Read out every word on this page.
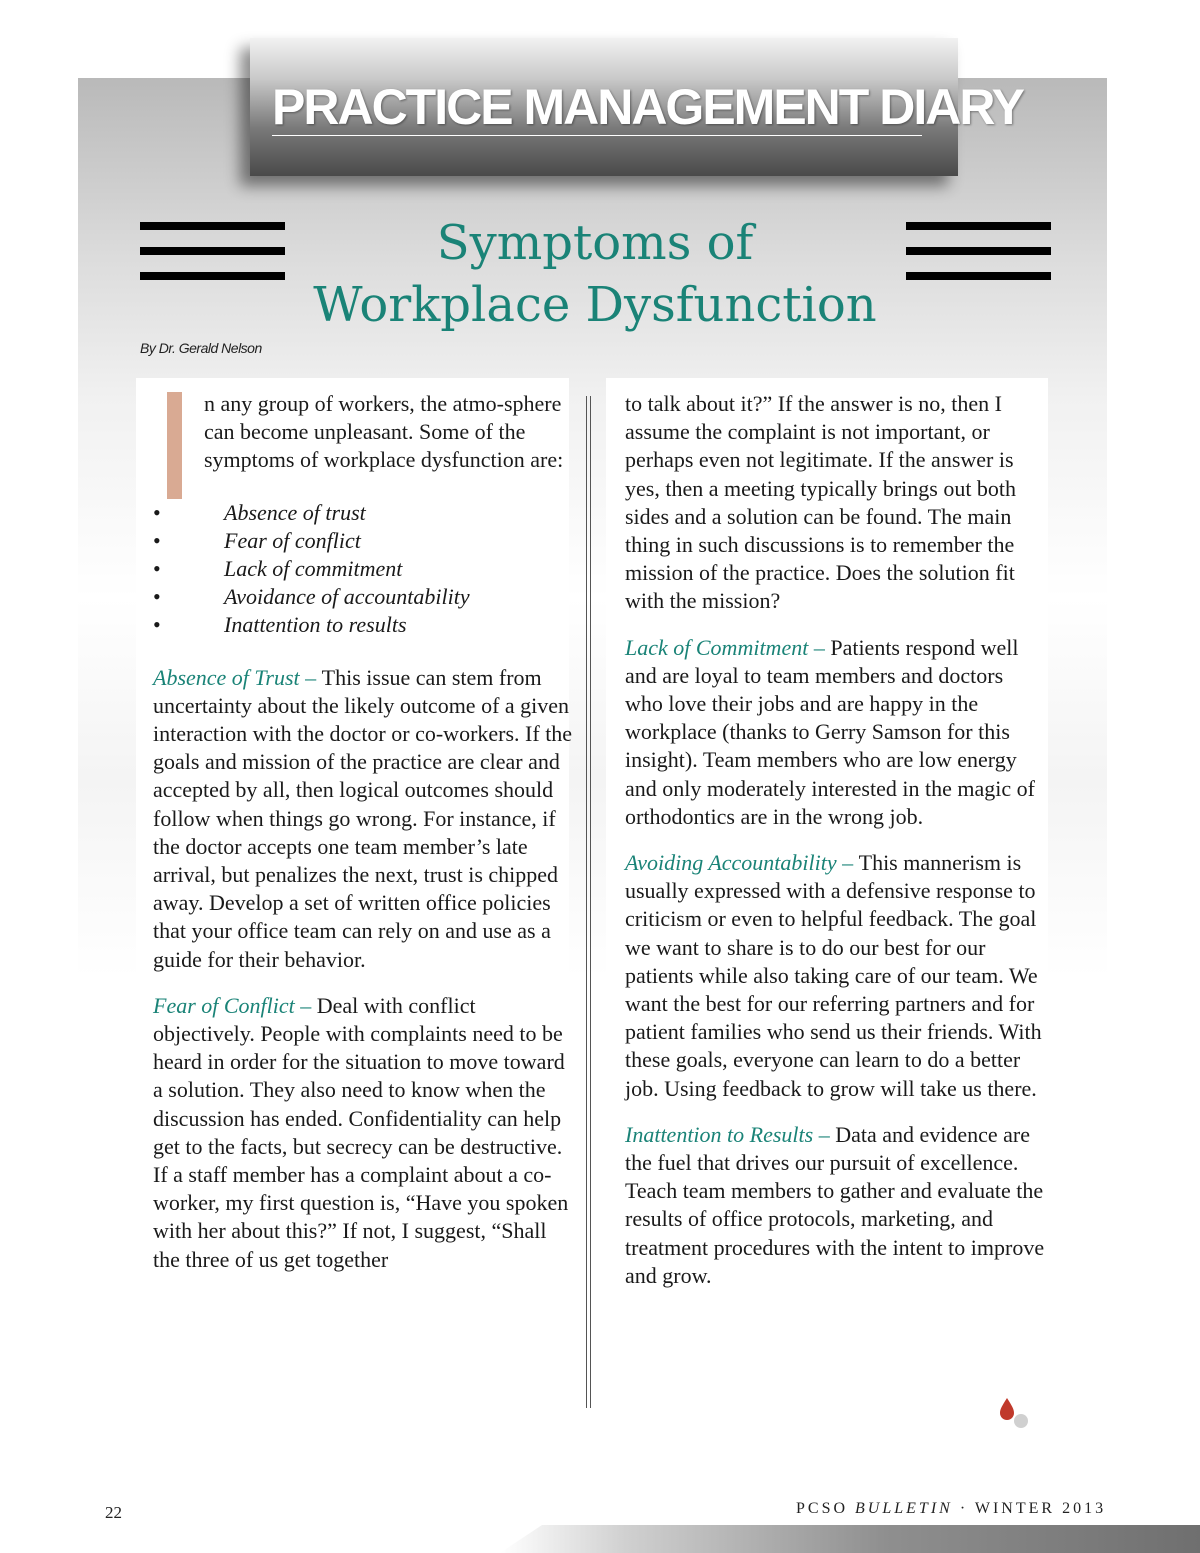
PRACTICE MANAGEMENT DIARY
Symptoms of
Workplace Dysfunction
By Dr. Gerald Nelson

n any group of workers, the atmo-sphere can become unpleasant. Some of the symptoms of workplace dysfunction are:

•	Absence of trust
•	Fear of conflict
•	Lack of commitment
•	Avoidance of accountability
•	Inattention to results

Absence of Trust – This issue can stem from uncertainty about the likely outcome of a given interaction with the doctor or co-workers. If the goals and mission of the practice are clear and accepted by all, then logical outcomes should follow when things go wrong. For instance, if the doctor accepts one team member’s late arrival, but penalizes the next, trust is chipped away. Develop a set of written office policies that your office team can rely on and use as a guide for their behavior.

Fear of Conflict – Deal with conflict objectively. People with complaints need to be heard in order for the situation to move toward a solution. They also need to know when the discussion has ended. Confidentiality can help get to the facts, but secrecy can be destructive. If a staff member has a complaint about a co-worker, my first question is, “Have you spoken with her about this?” If not, I suggest, “Shall the three of us get together

to talk about it?” If the answer is no, then I assume the complaint is not important, or perhaps even not legitimate. If the answer is yes, then a meeting typically brings out both sides and a solution can be found. The main thing in such discussions is to remember the mission of the practice. Does the solution fit with the mission?

Lack of Commitment – Patients respond well and are loyal to team members and doctors who love their jobs and are happy in the workplace (thanks to Gerry Samson for this insight). Team members who are low energy and only moderately interested in the magic of orthodontics are in the wrong job.

Avoiding Accountability – This mannerism is usually expressed with a defensive response to criticism or even to helpful feedback. The goal we want to share is to do our best for our patients while also taking care of our team. We want the best for our referring partners and for patient families who send us their friends. With these goals, everyone can learn to do a better job. Using feedback to grow will take us there.

Inattention to Results – Data and evidence are the fuel that drives our pursuit of excellence. Teach team members to gather and evaluate the results of office protocols, marketing, and treatment procedures with the intent to improve and grow.

22	PCSO BULLETIN · WINTER 2013
